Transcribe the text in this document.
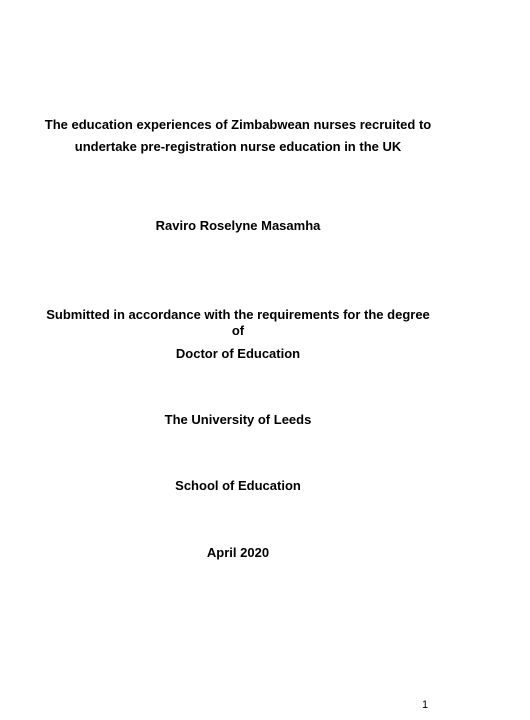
The education experiences of Zimbabwean nurses recruited to
undertake pre-registration nurse education in the UK
Raviro Roselyne Masamha
Submitted in accordance with the requirements for the degree
of
Doctor of Education
The University of Leeds
School of Education
April 2020
1
